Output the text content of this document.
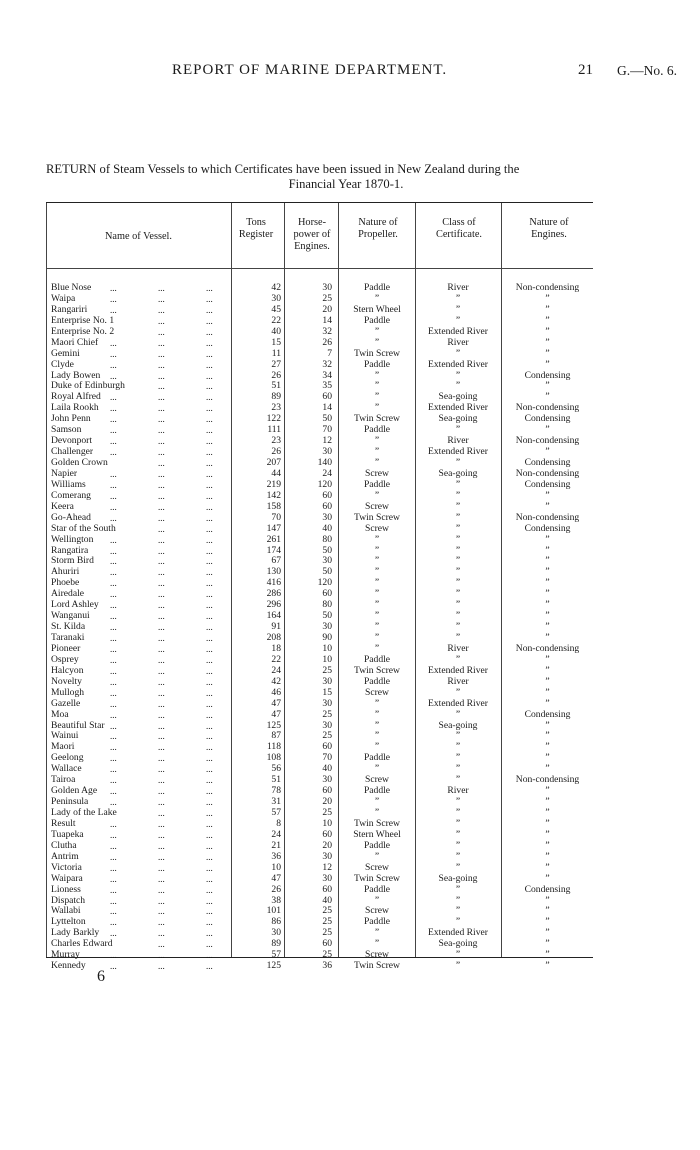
REPORT OF MARINE DEPARTMENT.	21 G.—No. 6.
RETURN of Steam Vessels to which Certificates have been issued in New Zealand during the
Financial Year 1870-1.
Name of Vessel.
Tons Register
Horse-power of Engines.
Nature of Propeller.
Class of Certificate.
Nature of Engines.
Blue Nose	42	30	Paddle	River	Non-condensing
...	...	...
Waipa	30	25	”	”	”
...	...	...
Rangariri	45	20	Stern Wheel	”	”
...	...	...
Enterprise No. 1	22	14	Paddle	”	”
...	...
Enterprise No. 2	40	32	”	Extended River	”
...	...
Maori Chief	15	26	”	River	”
...	...	...
Gemini	11	7	Twin Screw	”	”
...	...	...
Clyde	27	32	Paddle	Extended River	”
...	...	...
Lady Bowen	26	34	”	”	Condensing
...	...	...
Duke of Edinburgh	51	35	”	”	”
...	...
Royal Alfred	89	60	”	Sea-going	”
...	...	...
Laila Rookh	23	14	”	Extended River	Non-condensing
...	...	...
John Penn	122	50	Twin Screw	Sea-going	Condensing
...	...	...
Samson	111	70	Paddle	”	”
...	...	...
Devonport	23	12	”	River	Non-condensing
...	...	...
Challenger	26	30	”	Extended River	”
...	...	...
Golden Crown	207	140	”	”	Condensing
...	...
Napier	44	24	Screw	Sea-going	Non-condensing
...	...	...
Williams	219	120	Paddle	”	Condensing
...	...	...
Comerang	142	60	”	”	”
...	...	...
Keera	158	60	Screw	”	”
...	...	...
Go-Ahead	70	30	Twin Screw	”	Non-condensing
...	...	...
Star of the South	147	40	Screw	”	Condensing
...	...
Wellington	261	80	”	”	”
...	...	...
Rangatira	174	50	”	”	”
...	...	...
Storm Bird	67	30	”	”	”
...	...	...
Ahuriri	130	50	”	”	”
...	...	...
Phoebe	416	120	”	”	”
...	...	...
Airedale	286	60	”	”	”
...	...	...
Lord Ashley	296	80	”	”	”
...	...	...
Wanganui	164	50	”	”	”
...	...	...
St. Kilda	91	30	”	”	”
...	...	...
Taranaki	208	90	”	”	”
...	...	...
Pioneer	18	10	”	River	Non-condensing
...	...	...
Osprey	22	10	Paddle	”	”
...	...	...
Halcyon	24	25	Twin Screw	Extended River	”
...	...	...
Novelty	42	30	Paddle	River	”
...	...	...
Mullogh	46	15	Screw	”	”
...	...	...
Gazelle	47	30	”	Extended River	”
...	...	...
Moa	47	25	”	”	Condensing
...	...	...
Beautiful Star	125	30	”	Sea-going	”
...	...	...
Wainui	87	25	”	”	”
...	...	...
Maori	118	60	”	”	”
...	...	...
Geelong	108	70	Paddle	”	”
...	...	...
Wallace	56	40	”	”	”
...	...	...
Tairoa	51	30	Screw	”	Non-condensing
...	...	...
Golden Age	78	60	Paddle	River	”
...	...	...
Peninsula	31	20	”	”	”
...	...	...
Lady of the Lake	57	25	”	”	”
...	...
Result	8	10	Twin Screw	”	”
...	...	...
Tuapeka	24	60	Stern Wheel	”	”
...	...	...
Clutha	21	20	Paddle	”	”
...	...	...
Antrim	36	30	”	”	”
...	...	...
Victoria	10	12	Screw	”	”
...	...	...
Waipara	47	30	Twin Screw	Sea-going	”
...	...	...
Lioness	26	60	Paddle	”	Condensing
...	...	...
Dispatch	38	40	”	”	”
...	...	...
Wallabi	101	25	Screw	”	”
...	...	...
Lyttelton	86	25	Paddle	”	”
...	...	...
Lady Barkly	30	25	”	Extended River	”
...	...	...
Charles Edward	89	60	”	Sea-going	”
...	...
Murray	57	25	Screw	”	”
...	...	...
Kennedy	125	36	Twin Screw	”	”
...	...	...
6
